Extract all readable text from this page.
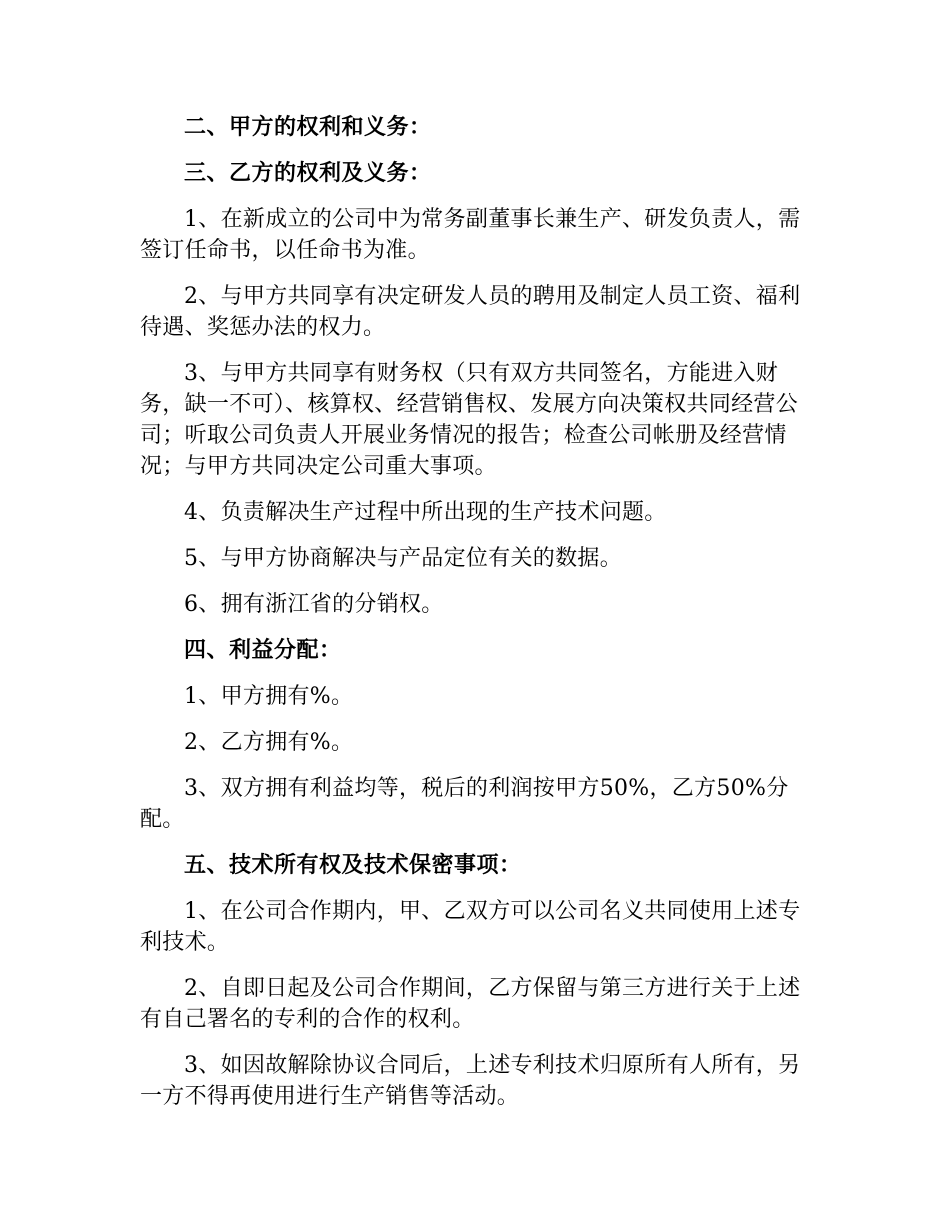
二、甲方的权利和义务：
三、乙方的权利及义务：
1、在新成立的公司中为常务副董事长兼生产、研发负责人，需签订任命书，以任命书为准。
2、与甲方共同享有决定研发人员的聘用及制定人员工资、福利待遇、奖惩办法的权力。
3、与甲方共同享有财务权（只有双方共同签名，方能进入财务，缺一不可）、核算权、经营销售权、发展方向决策权共同经营公司；听取公司负责人开展业务情况的报告；检查公司帐册及经营情况；与甲方共同决定公司重大事项。
4、负责解决生产过程中所出现的生产技术问题。
5、与甲方协商解决与产品定位有关的数据。
6、拥有浙江省的分销权。
四、利益分配：
1、甲方拥有%。
2、乙方拥有%。
3、双方拥有利益均等，税后的利润按甲方50%，乙方50%分配。
五、技术所有权及技术保密事项：
1、在公司合作期内，甲、乙双方可以公司名义共同使用上述专利技术。
2、自即日起及公司合作期间，乙方保留与第三方进行关于上述有自己署名的专利的合作的权利。
3、如因故解除协议合同后，上述专利技术归原所有人所有，另一方不得再使用进行生产销售等活动。
